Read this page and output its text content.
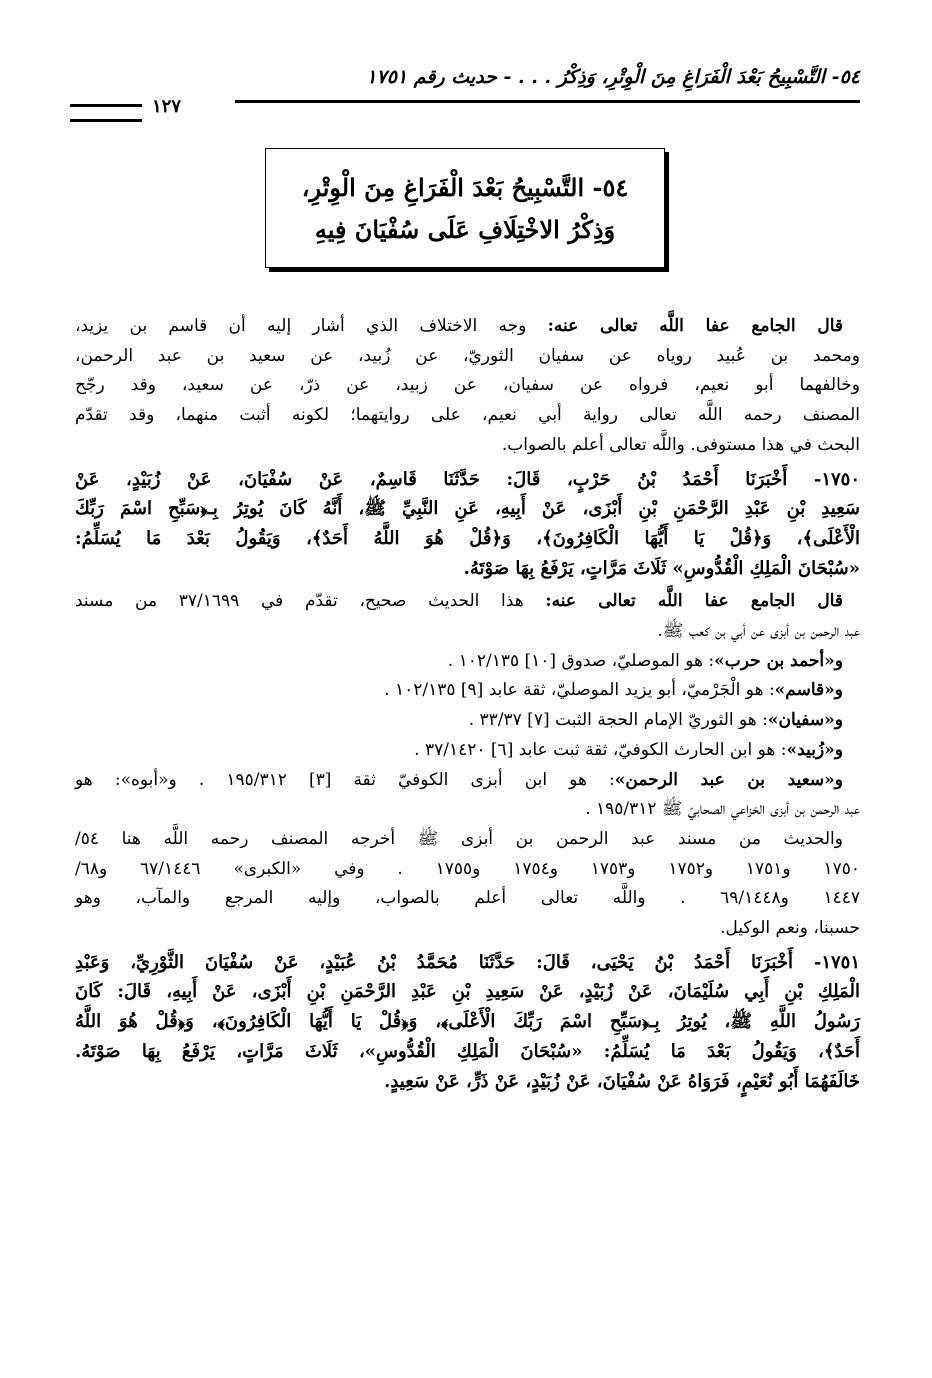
٥٤- التَّسْبِيحُ بَعْدَ الْفَرَاغِ مِنَ الْوِتْرِ، وَذِكْرُ . . . - حديث رقم ١٧٥١
١٢٧
٥٤- التَّسْبِيحُ بَعْدَ الْفَرَاغِ مِنَ الْوِتْرِ،
وَذِكْرُ الاخْتِلَافِ عَلَى سُفْيَانَ فِيهِ
 قال الجامع عفا اللَّه تعالى عنه: وجه الاختلاف الذي أشار إليه أن قاسم بن يزيد،
ومحمد بن عُبيد روياه عن سفيان الثوريّ، عن زُبيد، عن سعيد بن عبد الرحمن،
وخالفهما أبو نعيم، فرواه عن سفيان، عن زبيد، عن ذرّ، عن سعيد، وقد رجّح
المصنف رحمه اللَّه تعالى رواية أبي نعيم، على روايتهما؛ لكونه أثبت منهما، وقد تقدّم
البحث في هذا مستوفى. واللَّه تعالى أعلم بالصواب.
١٧٥٠- أَخْبَرَنَا أَحْمَدُ بْنُ حَرْبٍ، قَالَ: حَدَّثَنَا قَاسِمٌ، عَنْ سُفْيَانَ، عَنْ زُبَيْدٍ، عَنْ
سَعِيدِ بْنِ عَبْدِ الرَّحْمَنِ بْنِ أَبْزَى، عَنْ أَبِيهِ، عَنِ النَّبِيِّ ﷺ، أَنَّهُ كَانَ يُوتِرُ بِـ﴿سَبِّحِ اسْمَ رَبِّكَ
الْأَعْلَى﴾، وَ﴿قُلْ يَا أَيُّهَا الْكَافِرُونَ﴾، وَ﴿قُلْ هُوَ اللَّهُ أَحَدٌ﴾، وَيَقُولُ بَعْدَ مَا يُسَلِّمُ:
«سُبْحَانَ الْمَلِكِ الْقُدُّوسِ» ثَلَاثَ مَرَّاتٍ، يَرْفَعُ بِهَا صَوْتَهُ.
 قال الجامع عفا اللَّه تعالى عنه: هذا الحديث صحيح، تقدّم في ٣٧/١٦٩٩ من مسند
عبد الرحمن بن أبزى عن أبي بن كعب ﷺ.
 و«أحمد بن حرب»: هو الموصليّ، صدوق [١٠] ١٠٢/١٣٥ .
 و«قاسم»: هو الْجَرْميّ، أبو يزيد الموصليّ، ثقة عابد [٩] ١٠٢/١٣٥ .
 و«سفيان»: هو الثوريّ الإمام الحجة الثبت [٧] ٣٣/٣٧ .
 و«زُبيد»: هو ابن الحارث الكوفيّ، ثقة ثبت عابد [٦] ٣٧/١٤٢٠ .
 و«سعيد بن عبد الرحمن»: هو ابن أبزى الكوفيّ ثقة [٣] ١٩٥/٣١٢ . و«أبوه»: هو
عبد الرحمن بن أبزى الخزاعي الصحابيّ ﷺ ١٩٥/٣١٢ .
 والحديث من مسند عبد الرحمن بن أبزى ﷺ أخرجه المصنف رحمه اللَّه هنا ٥٤/
١٧٥٠ و١٧٥١ و١٧٥٢ و١٧٥٣ و١٧٥٤ و١٧٥٥ . وفي «الكبرى» ٦٧/١٤٤٦ و٦٨/
١٤٤٧ و٦٩/١٤٤٨ . واللَّه تعالى أعلم بالصواب، وإليه المرجع والمآب، وهو
حسبنا، ونعم الوكيل.
١٧٥١- أَخْبَرَنَا أَحْمَدُ بْنُ يَحْيَى، قَالَ: حَدَّثَنَا مُحَمَّدُ بْنُ عُبَيْدٍ، عَنْ سُفْيَانَ الثَّوْرِيِّ، وَعَبْدِ
الْمَلِكِ بْنِ أَبِي سُلَيْمَانَ، عَنْ زُبَيْدٍ، عَنْ سَعِيدِ بْنِ عَبْدِ الرَّحْمَنِ بْنِ أَبْزَى، عَنْ أَبِيهِ، قَالَ: كَانَ
رَسُولُ اللَّهِ ﷺ، يُوتِرُ بِـ﴿سَبِّحِ اسْمَ رَبِّكَ الْأَعْلَى﴾، وَ﴿قُلْ يَا أَيُّهَا الْكَافِرُونَ﴾، وَ﴿قُلْ هُوَ اللَّهُ
أَحَدٌ﴾، وَيَقُولُ بَعْدَ مَا يُسَلِّمُ: «سُبْحَانَ الْمَلِكِ الْقُدُّوسِ»، ثَلَاثَ مَرَّاتٍ، يَرْفَعُ بِهَا صَوْتَهُ.
خَالَفَهُمَا أَبُو نُعَيْمٍ، فَرَوَاهُ عَنْ سُفْيَانَ، عَنْ زُبَيْدٍ، عَنْ ذَرٍّ، عَنْ سَعِيدٍ.
